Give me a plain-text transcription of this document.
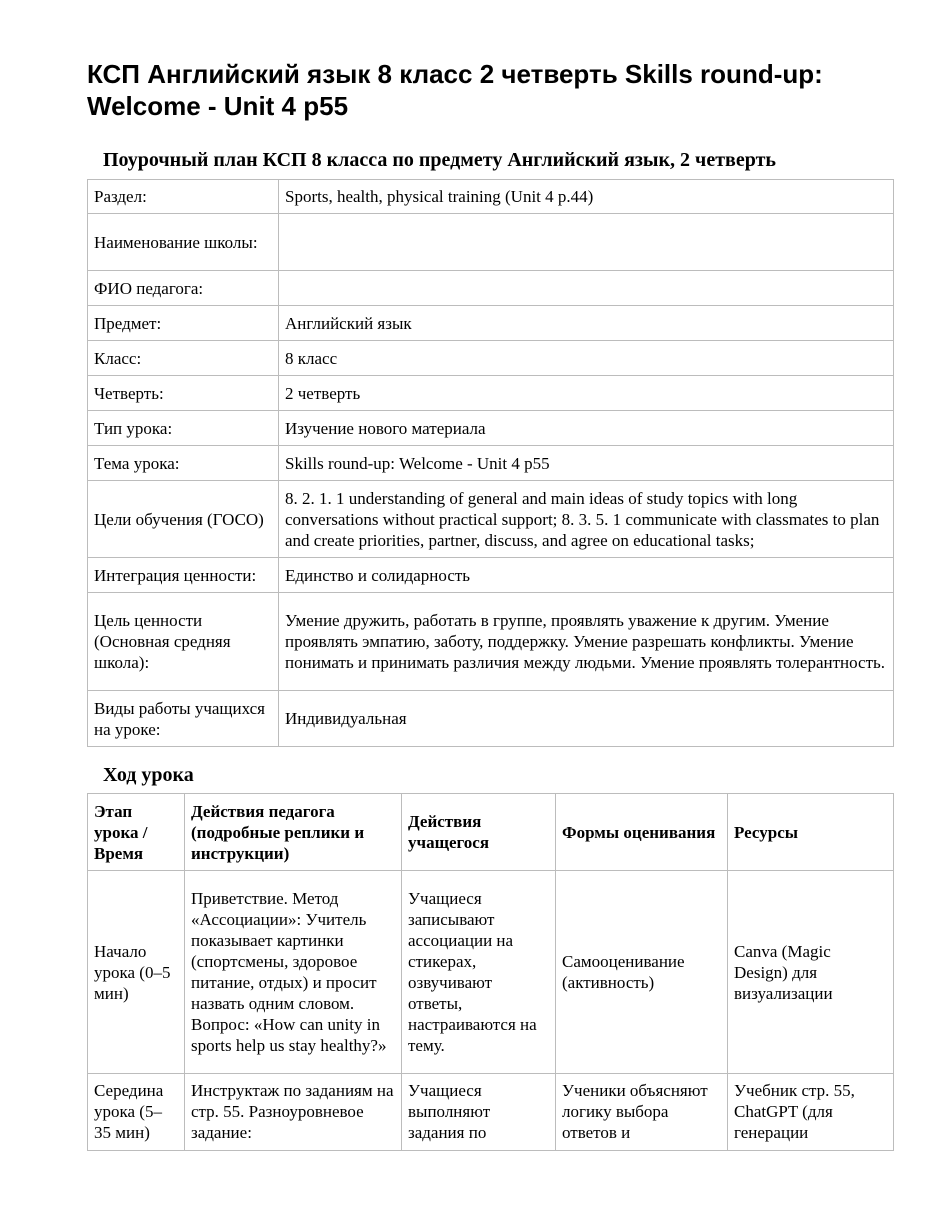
КСП Английский язык 8 класс 2 четверть Skills round-up: Welcome - Unit 4 p55
Поурочный план КСП 8 класса по предмету Английский язык, 2 четверть
Раздел:	Sports, health, physical training (Unit 4 p.44)
Наименование школы:	
ФИО педагога:	
Предмет:	Английский язык
Класс:	8 класс
Четверть:	2 четверть
Тип урока:	Изучение нового материала
Тема урока:	Skills round-up: Welcome - Unit 4 p55
Цели обучения (ГОСО)	8. 2. 1. 1 understanding of general and main ideas of study topics with long conversations without practical support; 8. 3. 5. 1 communicate with classmates to plan and create priorities, partner, discuss, and agree on educational tasks;
Интеграция ценности:	Единство и солидарность
Цель ценности (Основная средняя школа):	Умение дружить, работать в группе, проявлять уважение к другим. Умение проявлять эмпатию, заботу, поддержку. Умение разрешать конфликты. Умение понимать и принимать различия между людьми. Умение проявлять толерантность.
Виды работы учащихся на уроке:	Индивидуальная
Ход урока
Этап урока / Время	Действия педагога (подробные реплики и инструкции)	Действия учащегося	Формы оценивания	Ресурсы
Начало урока (0–5 мин)	Приветствие. Метод «Ассоциации»: Учитель показывает картинки (спортсмены, здоровое питание, отдых) и просит назвать одним словом. Вопрос: «How can unity in sports help us stay healthy?»	Учащиеся записывают ассоциации на стикерах, озвучивают ответы, настраиваются на тему.	Самооценивание (активность)	Canva (Magic Design) для визуализации
Середина урока (5–35 мин)	Инструктаж по заданиям на стр. 55. Разноуровневое задание:	Учащиеся выполняют задания по	Ученики объясняют логику выбора ответов и	Учебник стр. 55, ChatGPT (для генерации
